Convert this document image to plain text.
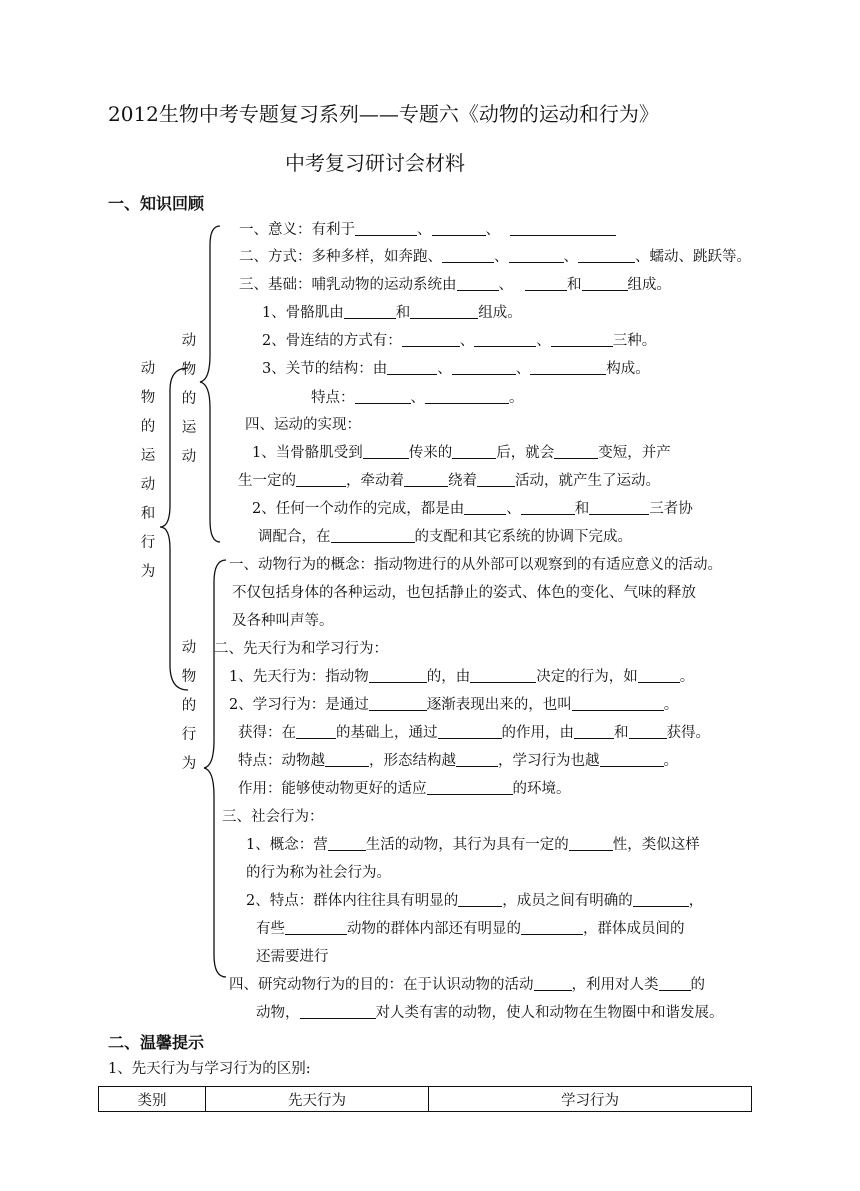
2012生物中考专题复习系列——专题六《动物的运动和行为》
中考复习研讨会材料
一、知识回顾
动
物
的
运
动
和
行
为
动
物
的
运
动
动
物
的
行
为
一、意义：有利于	、	、
二、方式：多种多样，如奔跑、	、	、	、蠕动、跳跃等。
三、基础：哺乳动物的运动系统由	、	和	组成。
1、骨骼肌由	和	组成。
2、骨连结的方式有：	、	、	三种。
3、关节的结构：由	、	、	构成。
特点：	、	。
四、运动的实现：
1、当骨骼肌受到	传来的	后，就会	变短，并产
生一定的	，牵动着	绕着	活动，就产生了运动。
2、任何一个动作的完成，都是由	、	和	三者协
调配合，在	的支配和其它系统的协调下完成。
一、动物行为的概念：指动物进行的从外部可以观察到的有适应意义的活动。
不仅包括身体的各种运动，也包括静止的姿式、体色的变化、气味的释放
及各种叫声等。
二、先天行为和学习行为：
1、先天行为：指动物	的，由	决定的行为，如	。
2、学习行为：是通过	逐渐表现出来的，也叫	。
获得：在	的基础上，通过	的作用，由	和	获得。
特点：动物越	，形态结构越	，学习行为也越	。
作用：能够使动物更好的适应	的环境。
三、社会行为：
1、概念：营	生活的动物，其行为具有一定的	性，类似这样
的行为称为社会行为。
2、特点：群体内往往具有明显的	，成员之间有明确的	，
有些	动物的群体内部还有明显的	，群体成员间的
还需要进行
四、研究动物行为的目的：在于认识动物的活动	，利用对人类 的
动物，	对人类有害的动物，使人和动物在生物圈中和谐发展。
二、温馨提示
1、先天行为与学习行为的区别:
类别	先天行为	学习行为
